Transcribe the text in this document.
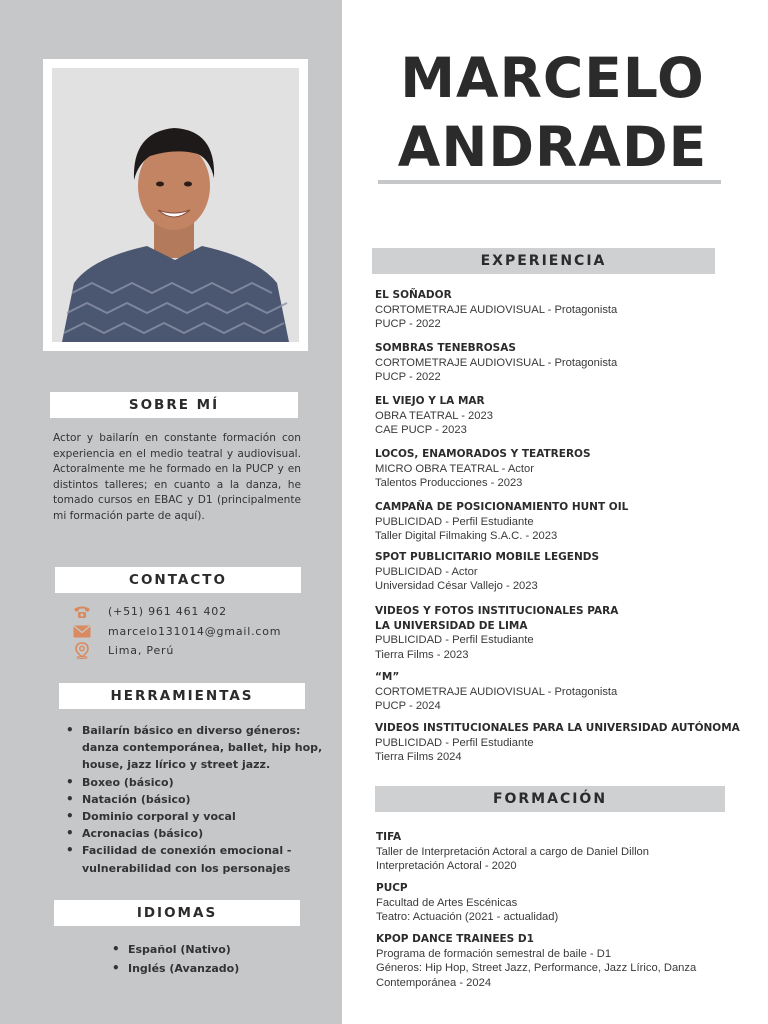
SOBRE MÍ

Actor y bailarín en constante formación con experiencia en el medio teatral y audiovisual. Actoralmente me he formado en la PUCP y en distintos talleres; en cuanto a la danza, he tomado cursos en EBAC y D1 (principalmente mi formación parte de aquí).

CONTACTO
(+51) 961 461 402
marcelo131014@gmail.com
Lima, Perú
HERRAMIENTAS
• Bailarín básico en diverso géneros: danza contemporánea, ballet, hip hop, house, jazz lírico y street jazz.
• Boxeo (básico)
• Natación (básico)
• Dominio corporal y vocal
• Acronacias (básico)
• Facilidad de conexión emocional - vulnerabilidad con los personajes
IDIOMAS
• Español (Nativo)
• Inglés (Avanzado)
MARCELO
ANDRADE
EXPERIENCIA
EL SOÑADOR
CORTOMETRAJE AUDIOVISUAL - Protagonista
PUCP - 2022
SOMBRAS TENEBROSAS
CORTOMETRAJE AUDIOVISUAL - Protagonista
PUCP - 2022
EL VIEJO Y LA MAR
OBRA TEATRAL - 2023
CAE PUCP - 2023
LOCOS, ENAMORADOS Y TEATREROS
MICRO OBRA TEATRAL - Actor
Talentos Producciones - 2023
CAMPAÑA DE POSICIONAMIENTO HUNT OIL
PUBLICIDAD - Perfil Estudiante
Taller Digital Filmaking S.A.C. - 2023
SPOT PUBLICITARIO MOBILE LEGENDS
PUBLICIDAD - Actor
Universidad César Vallejo - 2023
VIDEOS Y FOTOS INSTITUCIONALES PARA LA UNIVERSIDAD DE LIMA
PUBLICIDAD - Perfil Estudiante
Tierra Films - 2023
“M”
CORTOMETRAJE AUDIOVISUAL - Protagonista
PUCP - 2024
VIDEOS INSTITUCIONALES PARA LA UNIVERSIDAD AUTÓNOMA
PUBLICIDAD - Perfil Estudiante
Tierra Films 2024
FORMACIÓN
TIFA
Taller de Interpretación Actoral a cargo de Daniel Dillon
Interpretación Actoral - 2020
PUCP
Facultad de Artes Escénicas
Teatro: Actuación (2021 - actualidad)
KPOP DANCE TRAINEES D1
Programa de formación semestral de baile - D1
Géneros: Hip Hop, Street Jazz, Performance, Jazz Lírico, Danza
Contemporánea - 2024
